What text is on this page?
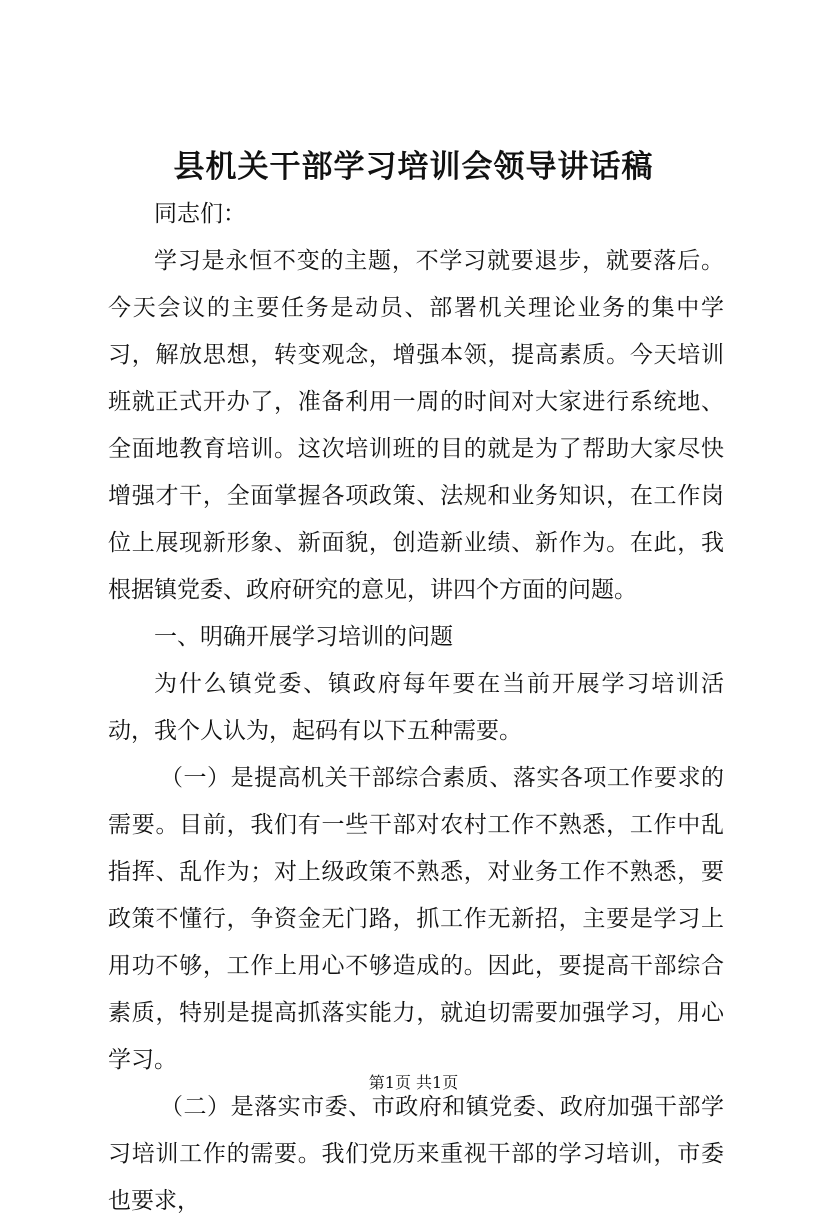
县机关干部学习培训会领导讲话稿

同志们：

学习是永恒不变的主题，不学习就要退步，就要落后。今天会议的主要任务是动员、部署机关理论业务的集中学习，解放思想，转变观念，增强本领，提高素质。今天培训班就正式开办了，准备利用一周的时间对大家进行系统地、全面地教育培训。这次培训班的目的就是为了帮助大家尽快增强才干，全面掌握各项政策、法规和业务知识，在工作岗位上展现新形象、新面貌，创造新业绩、新作为。在此，我根据镇党委、政府研究的意见，讲四个方面的问题。

一、明确开展学习培训的问题

为什么镇党委、镇政府每年要在当前开展学习培训活动，我个人认为，起码有以下五种需要。

（一）是提高机关干部综合素质、落实各项工作要求的需要。目前，我们有一些干部对农村工作不熟悉，工作中乱指挥、乱作为；对上级政策不熟悉，对业务工作不熟悉，要政策不懂行，争资金无门路，抓工作无新招，主要是学习上用功不够，工作上用心不够造成的。因此，要提高干部综合素质，特别是提高抓落实能力，就迫切需要加强学习，用心学习。

（二）是落实市委、市政府和镇党委、政府加强干部学习培训工作的需要。我们党历来重视干部的学习培训，市委也要求，

第1页 共1页
